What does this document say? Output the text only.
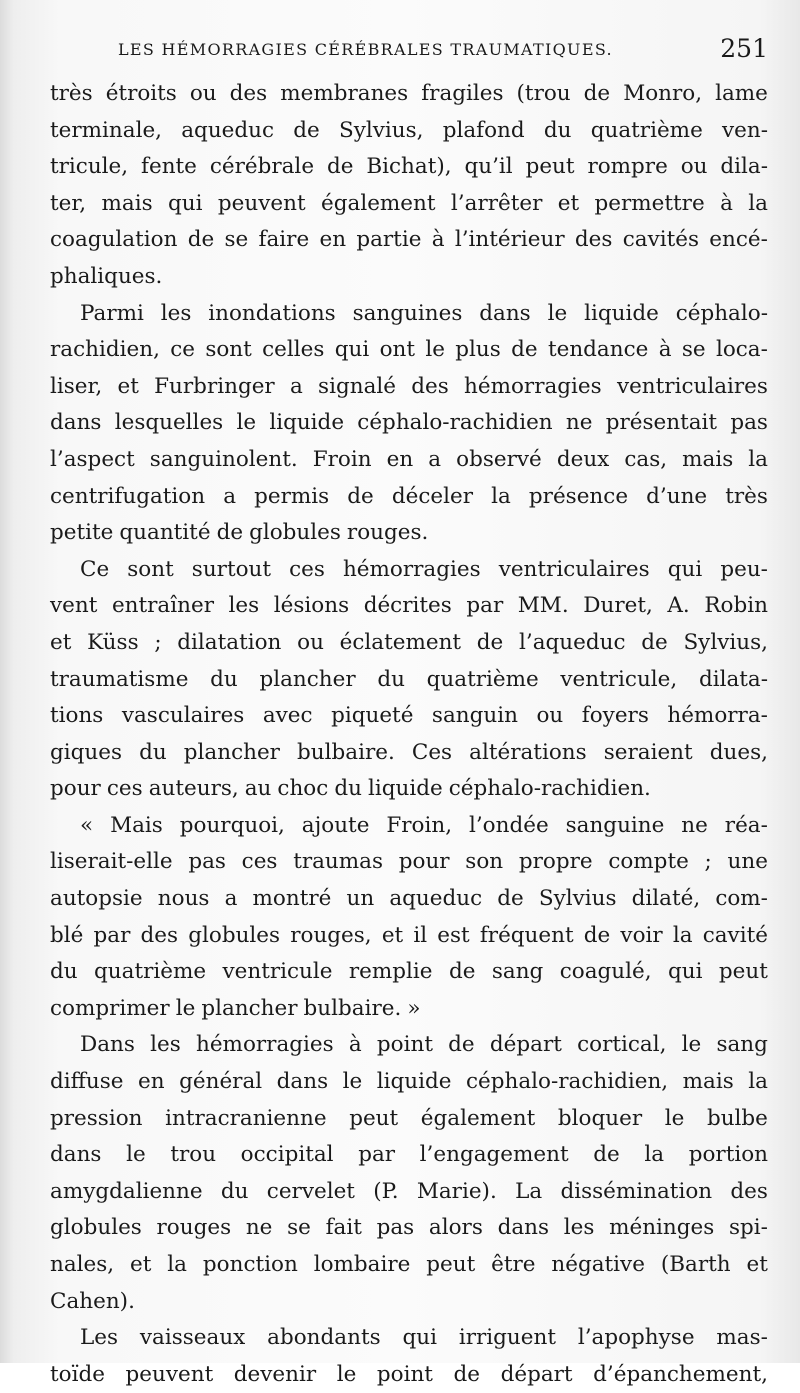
LES HÉMORRAGIES CÉRÉBRALES TRAUMATIQUES.	251
très étroits ou des membranes fragiles (trou de Monro, lame
terminale, aqueduc de Sylvius, plafond du quatrième ven-
tricule, fente cérébrale de Bichat), qu’il peut rompre ou dila-
ter, mais qui peuvent également l’arrêter et permettre à la
coagulation de se faire en partie à l’intérieur des cavités encé-
phaliques.
Parmi les inondations sanguines dans le liquide céphalo-
rachidien, ce sont celles qui ont le plus de tendance à se loca-
liser, et Furbringer a signalé des hémorragies ventriculaires
dans lesquelles le liquide céphalo-rachidien ne présentait pas
l’aspect sanguinolent. Froin en a observé deux cas, mais la
centrifugation a permis de déceler la présence d’une très
petite quantité de globules rouges.
Ce sont surtout ces hémorragies ventriculaires qui peu-
vent entraîner les lésions décrites par MM. Duret, A. Robin
et Küss ; dilatation ou éclatement de l’aqueduc de Sylvius,
traumatisme du plancher du quatrième ventricule, dilata-
tions vasculaires avec piqueté sanguin ou foyers hémorra-
giques du plancher bulbaire. Ces altérations seraient dues,
pour ces auteurs, au choc du liquide céphalo-rachidien.
« Mais pourquoi, ajoute Froin, l’ondée sanguine ne réa-
liserait-elle pas ces traumas pour son propre compte ; une
autopsie nous a montré un aqueduc de Sylvius dilaté, com-
blé par des globules rouges, et il est fréquent de voir la cavité
du quatrième ventricule remplie de sang coagulé, qui peut
comprimer le plancher bulbaire. »
Dans les hémorragies à point de départ cortical, le sang
diffuse en général dans le liquide céphalo-rachidien, mais la
pression intracranienne peut également bloquer le bulbe
dans le trou occipital par l’engagement de la portion
amygdalienne du cervelet (P. Marie). La dissémination des
globules rouges ne se fait pas alors dans les méninges spi-
nales, et la ponction lombaire peut être négative (Barth et
Cahen).
Les vaisseaux abondants qui irriguent l’apophyse mas-
toïde peuvent devenir le point de départ d’épanchement,
